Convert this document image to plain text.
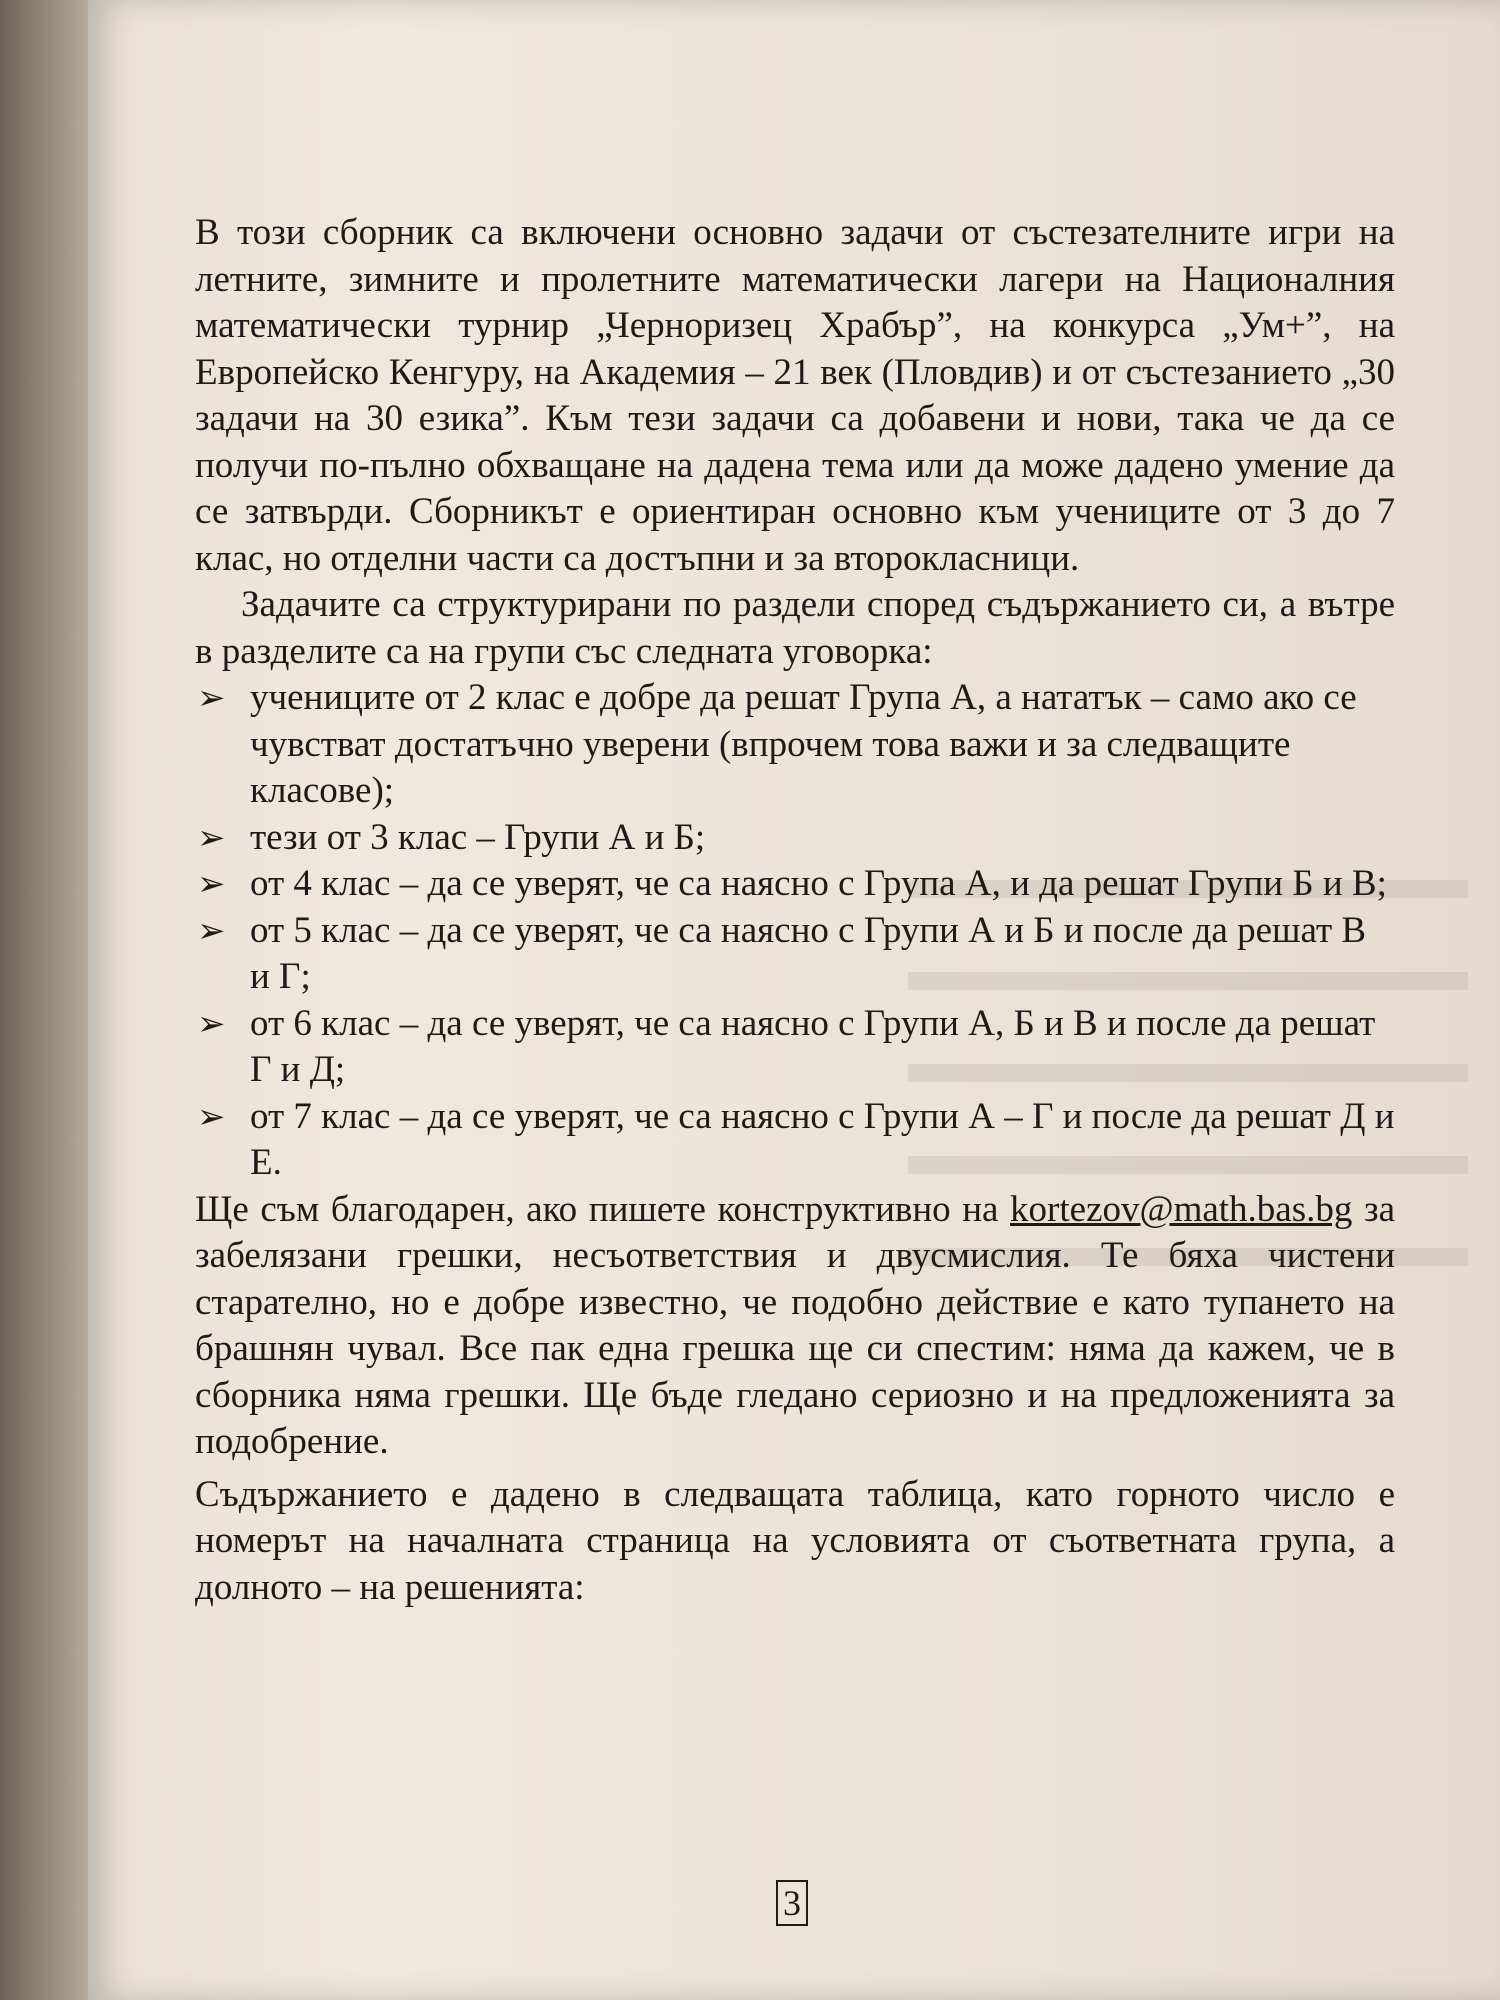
В този сборник са включени основно задачи от състезателните игри на летните, зимните и пролетните математически лагери на Националния математически турнир „Черноризец Храбър”, на конкурса „Ум+”, на Европейско Кенгуру, на Академия – 21 век (Пловдив) и от състезанието „30 задачи на 30 езика”. Към тези задачи са добавени и нови, така че да се получи по-пълно обхващане на дадена тема или да може дадено умение да се затвърди. Сборникът е ориентиран основно към учениците от 3 до 7 клас, но отделни части са достъпни и за второкласници.

Задачите са структурирани по раздели според съдържанието си, а вътре в разделите са на групи със следната уговорка:

➢ учениците от 2 клас е добре да решат Група А, а нататък – само ако се чувстват достатъчно уверени (впрочем това важи и за следващите класове);
➢ тези от 3 клас – Групи А и Б;
➢ от 4 клас – да се уверят, че са наясно с Група А, и да решат Групи Б и В;
➢ от 5 клас – да се уверят, че са наясно с Групи А и Б и после да решат В и Г;
➢ от 6 клас – да се уверят, че са наясно с Групи А, Б и В и после да решат Г и Д;
➢ от 7 клас – да се уверят, че са наясно с Групи А – Г и после да решат Д и Е.

Ще съм благодарен, ако пишете конструктивно на kortezov@math.bas.bg за забелязани грешки, несъответствия и двусмислия. Те бяха чистени старателно, но е добре известно, че подобно действие е като тупането на брашнян чувал. Все пак една грешка ще си спестим: няма да кажем, че в сборника няма грешки. Ще бъде гледано сериозно и на предложенията за подобрение.

Съдържанието е дадено в следващата таблица, като горното число е номерът на началната страница на условията от съответната група, а долното – на решенията:

3
